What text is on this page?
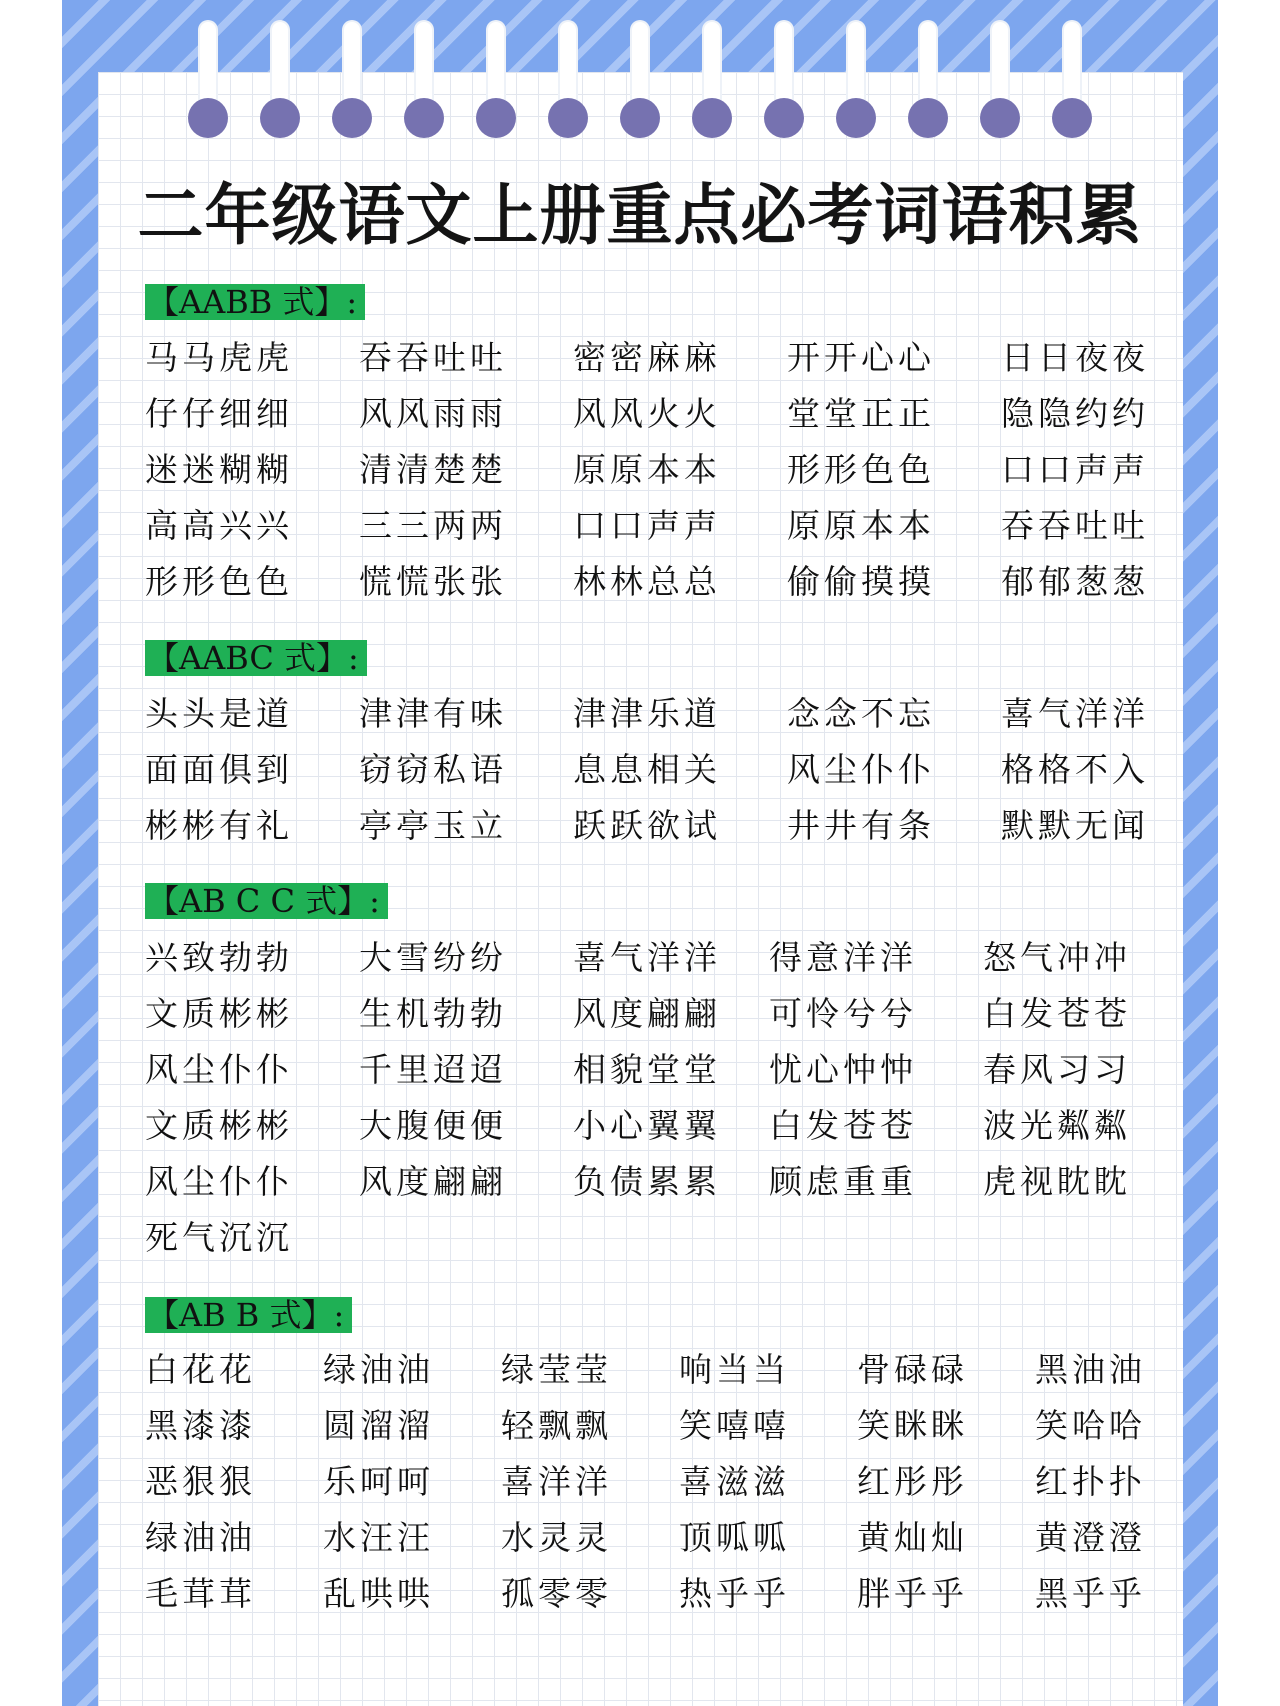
二年级语文上册重点必考词语积累
【AABB 式】:
马马虎虎	吞吞吐吐	密密麻麻	开开心心	日日夜夜
仔仔细细	风风雨雨	风风火火	堂堂正正	隐隐约约
迷迷糊糊	清清楚楚	原原本本	形形色色	口口声声
高高兴兴	三三两两	口口声声	原原本本	吞吞吐吐
形形色色	慌慌张张	林林总总	偷偷摸摸	郁郁葱葱
【AABC 式】:
头头是道	津津有味	津津乐道	念念不忘	喜气洋洋
面面俱到	窃窃私语	息息相关	风尘仆仆	格格不入
彬彬有礼	亭亭玉立	跃跃欲试	井井有条	默默无闻
【AB C C 式】:
兴致勃勃	大雪纷纷	喜气洋洋	得意洋洋	怒气冲冲
文质彬彬	生机勃勃	风度翩翩	可怜兮兮	白发苍苍
风尘仆仆	千里迢迢	相貌堂堂	忧心忡忡	春风习习
文质彬彬	大腹便便	小心翼翼	白发苍苍	波光粼粼
风尘仆仆	风度翩翩	负债累累	顾虑重重	虎视眈眈
死气沉沉
【AB B 式】:
白花花	绿油油	绿莹莹	响当当	骨碌碌	黑油油
黑漆漆	圆溜溜	轻飘飘	笑嘻嘻	笑眯眯	笑哈哈
恶狠狠	乐呵呵	喜洋洋	喜滋滋	红彤彤	红扑扑
绿油油	水汪汪	水灵灵	顶呱呱	黄灿灿	黄澄澄
毛茸茸	乱哄哄	孤零零	热乎乎	胖乎乎	黑乎乎
